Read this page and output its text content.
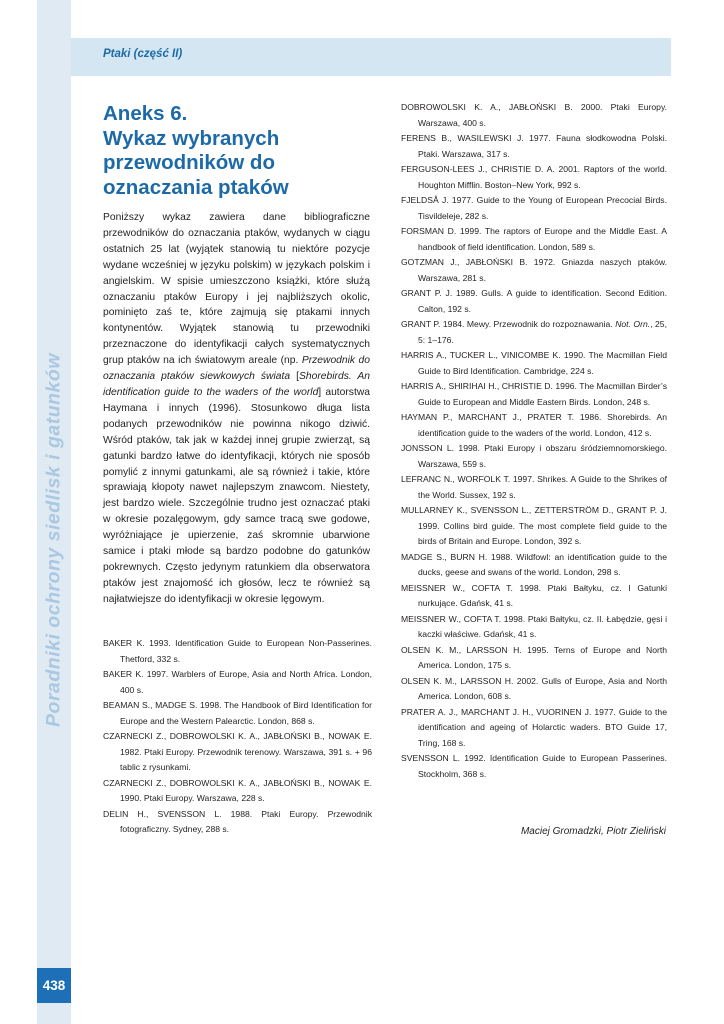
Ptaki (część II)
Poradniki ochrony siedlisk i gatunków
438
Aneks 6.
Wykaz wybranych
przewodników do
oznaczania ptaków

Poniższy wykaz zawiera dane bibliograficzne przewodników do oznaczania ptaków, wydanych w ciągu ostatnich 25 lat (wyjątek stanowią tu niektóre pozycje wydane wcześniej w języku polskim) w językach polskim i angielskim. W spisie umieszczono książki, które służą oznaczaniu ptaków Europy i jej najbliższych okolic, pominięto zaś te, które zajmują się ptakami innych kontynentów. Wyjątek stanowią tu przewodniki przeznaczone do identyfikacji całych systematycznych grup ptaków na ich światowym areale (np. Przewodnik do oznaczania ptaków siewkowych świata [Shorebirds. An identification guide to the waders of the world] autorstwa Haymana i innych (1996). Stosunkowo długa lista podanych przewodników nie powinna nikogo dziwić. Wśród ptaków, tak jak w każdej innej grupie zwierząt, są gatunki bardzo łatwe do identyfikacji, których nie sposób pomylić z innymi gatunkami, ale są również i takie, które sprawiają kłopoty nawet najlepszym znawcom. Niestety, jest bardzo wiele. Szczególnie trudno jest oznaczać ptaki w okresie pozalęgowym, gdy samce tracą swe godowe, wyróżniające je upierzenie, zaś skromnie ubarwione samice i ptaki młode są bardzo podobne do gatunków pokrewnych. Często jedynym ratunkiem dla obserwatora ptaków jest znajomość ich głosów, lecz te również są najłatwiejsze do identyfikacji w okresie lęgowym.

BAKER K. 1993. Identification Guide to European Non-Passerines. Thetford, 332 s.
BAKER K. 1997. Warblers of Europe, Asia and North Africa. London, 400 s.
BEAMAN S., MADGE S. 1998. The Handbook of Bird Identification for Europe and the Western Palearctic. London, 868 s.
CZARNECKI Z., DOBROWOLSKI K. A., JABŁOŃSKI B., NOWAK E. 1982. Ptaki Europy. Przewodnik terenowy. Warszawa, 391 s. + 96 tablic z rysunkami.
CZARNECKI Z., DOBROWOLSKI K. A., JABŁOŃSKI B., NOWAK E. 1990. Ptaki Europy. Warszawa, 228 s.
DELIN H., SVENSSON L. 1988. Ptaki Europy. Przewodnik fotograficzny. Sydney, 288 s.
DOBROWOLSKI K. A., JABŁOŃSKI B. 2000. Ptaki Europy. Warszawa, 400 s.
FERENS B., WASILEWSKI J. 1977. Fauna słodkowodna Polski. Ptaki. Warszawa, 317 s.
FERGUSON-LEES J., CHRISTIE D. A. 2001. Raptors of the world. Houghton Mifflin. Boston–New York, 992 s.
FJELDSÅ J. 1977. Guide to the Young of European Precocial Birds. Tisvildeleje, 282 s.
FORSMAN D. 1999. The raptors of Europe and the Middle East. A handbook of field identification. London, 589 s.
GOTZMAN J., JABŁOŃSKI B. 1972. Gniazda naszych ptaków. Warszawa, 281 s.
GRANT P. J. 1989. Gulls. A guide to identification. Second Edition. Calton, 192 s.
GRANT P. 1984. Mewy. Przewodnik do rozpoznawania. Not. Orn., 25, 5: 1–176.
HARRIS A., TUCKER L., VINICOMBE K. 1990. The Macmillan Field Guide to Bird Identification. Cambridge, 224 s.
HARRIS A., SHIRIHAI H., CHRISTIE D. 1996. The Macmillan Birder’s Guide to European and Middle Eastern Birds. London, 248 s.
HAYMAN P., MARCHANT J., PRATER T. 1986. Shorebirds. An identification guide to the waders of the world. London, 412 s.
JONSSON L. 1998. Ptaki Europy i obszaru śródziemnomorskiego. Warszawa, 559 s.
LEFRANC N., WORFOLK T. 1997. Shrikes. A Guide to the Shrikes of the World. Sussex, 192 s.
MULLARNEY K., SVENSSON L., ZETTERSTRÖM D., GRANT P. J. 1999. Collins bird guide. The most complete field guide to the birds of Britain and Europe. London, 392 s.
MADGE S., BURN H. 1988. Wildfowl: an identification guide to the ducks, geese and swans of the world. London, 298 s.
MEISSNER W., COFTA T. 1998. Ptaki Bałtyku, cz. I Gatunki nurkujące. Gdańsk, 41 s.
MEISSNER W., COFTA T. 1998. Ptaki Bałtyku, cz. II. Łabędzie, gęsi i kaczki właściwe. Gdańsk, 41 s.
OLSEN K. M., LARSSON H. 1995. Terns of Europe and North America. London, 175 s.
OLSEN K. M., LARSSON H. 2002. Gulls of Europe, Asia and North America. London, 608 s.
PRATER A. J., MARCHANT J. H., VUORINEN J. 1977. Guide to the identification and ageing of Holarctic waders. BTO Guide 17, Tring, 168 s.
SVENSSON L. 1992. Identification Guide to European Passerines. Stockholm, 368 s.
Maciej Gromadzki, Piotr Zieliński
